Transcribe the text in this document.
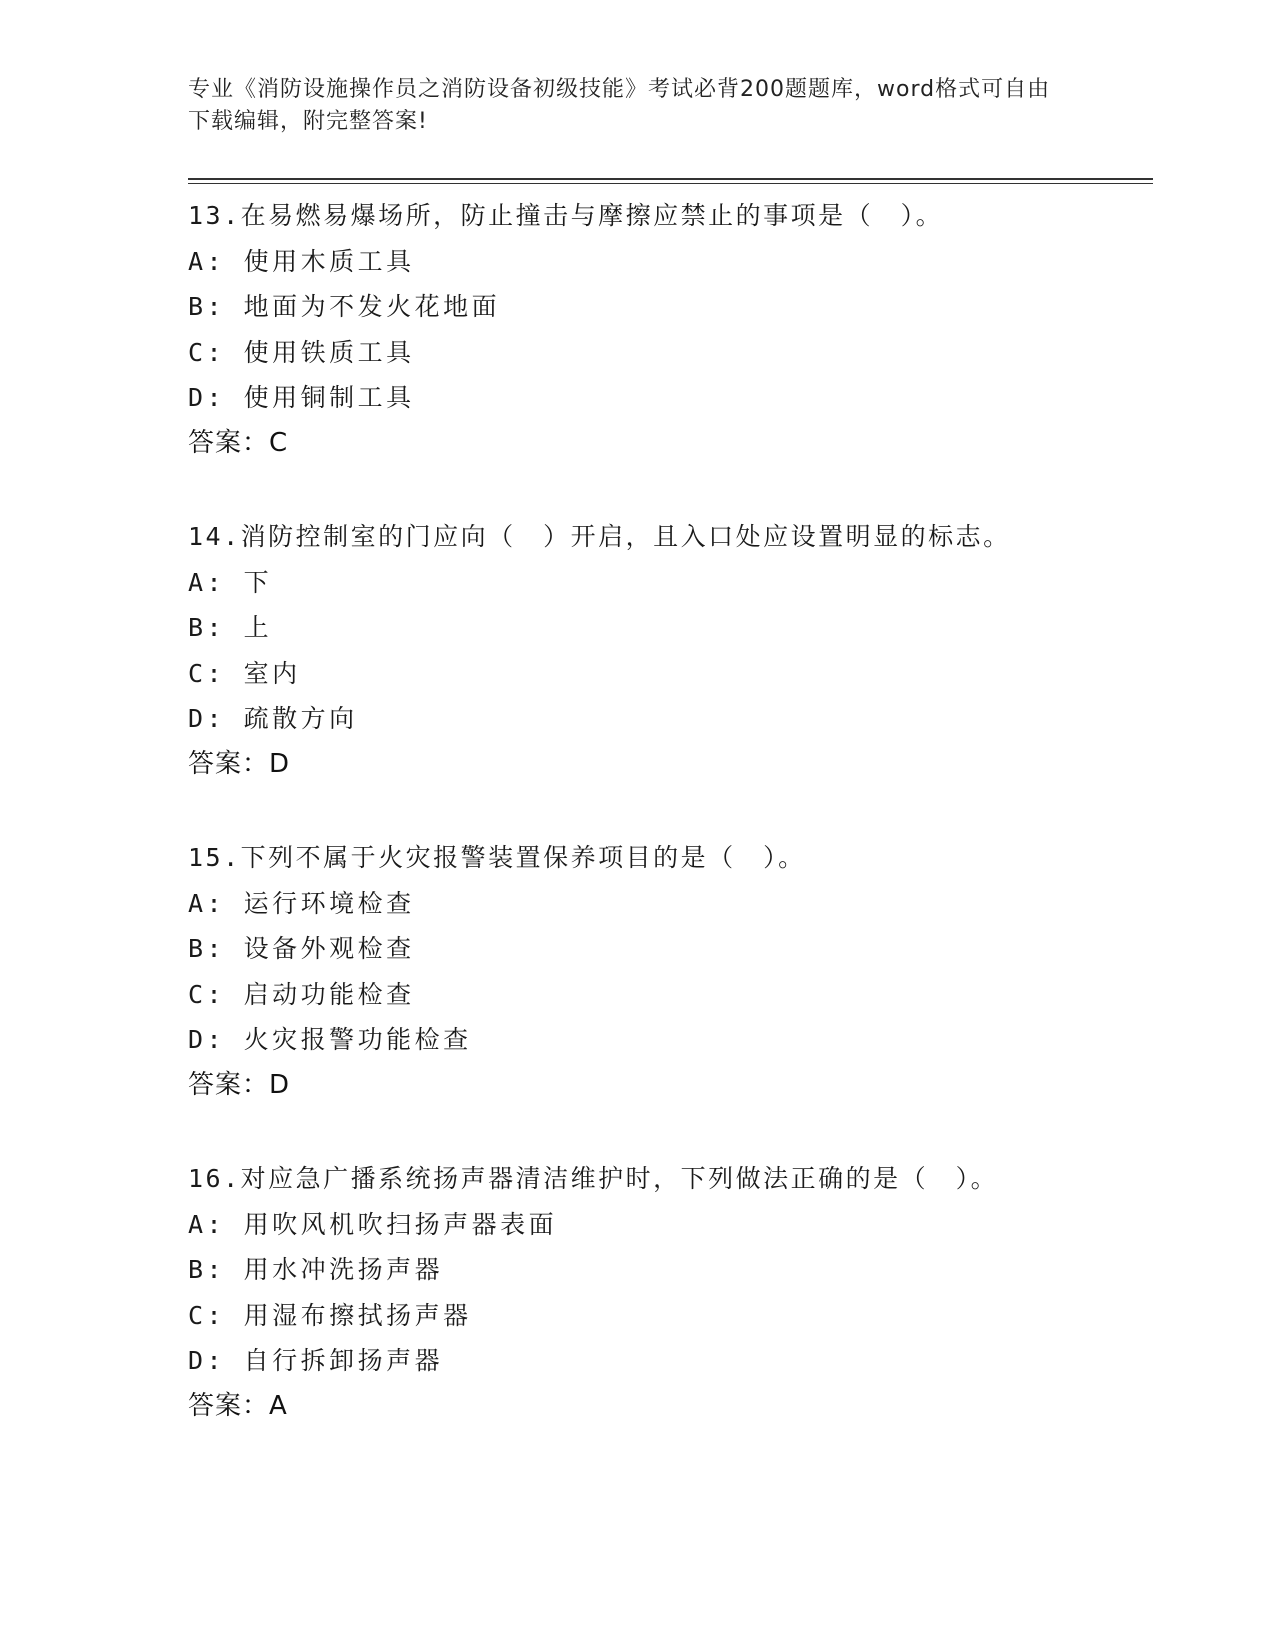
专业《消防设施操作员之消防设备初级技能》考试必背200题题库，word格式可自由下载编辑，附完整答案!
13.在易燃易爆场所，防止撞击与摩擦应禁止的事项是（　）。
A: 使用木质工具
B: 地面为不发火花地面
C: 使用铁质工具
D: 使用铜制工具
答案：C
14.消防控制室的门应向（　）开启，且入口处应设置明显的标志。
A: 下
B: 上
C: 室内
D: 疏散方向
答案：D
15.下列不属于火灾报警装置保养项目的是（　）。
A: 运行环境检查
B: 设备外观检查
C: 启动功能检查
D: 火灾报警功能检查
答案：D
16.对应急广播系统扬声器清洁维护时，下列做法正确的是（　）。
A: 用吹风机吹扫扬声器表面
B: 用水冲洗扬声器
C: 用湿布擦拭扬声器
D: 自行拆卸扬声器
答案：A
